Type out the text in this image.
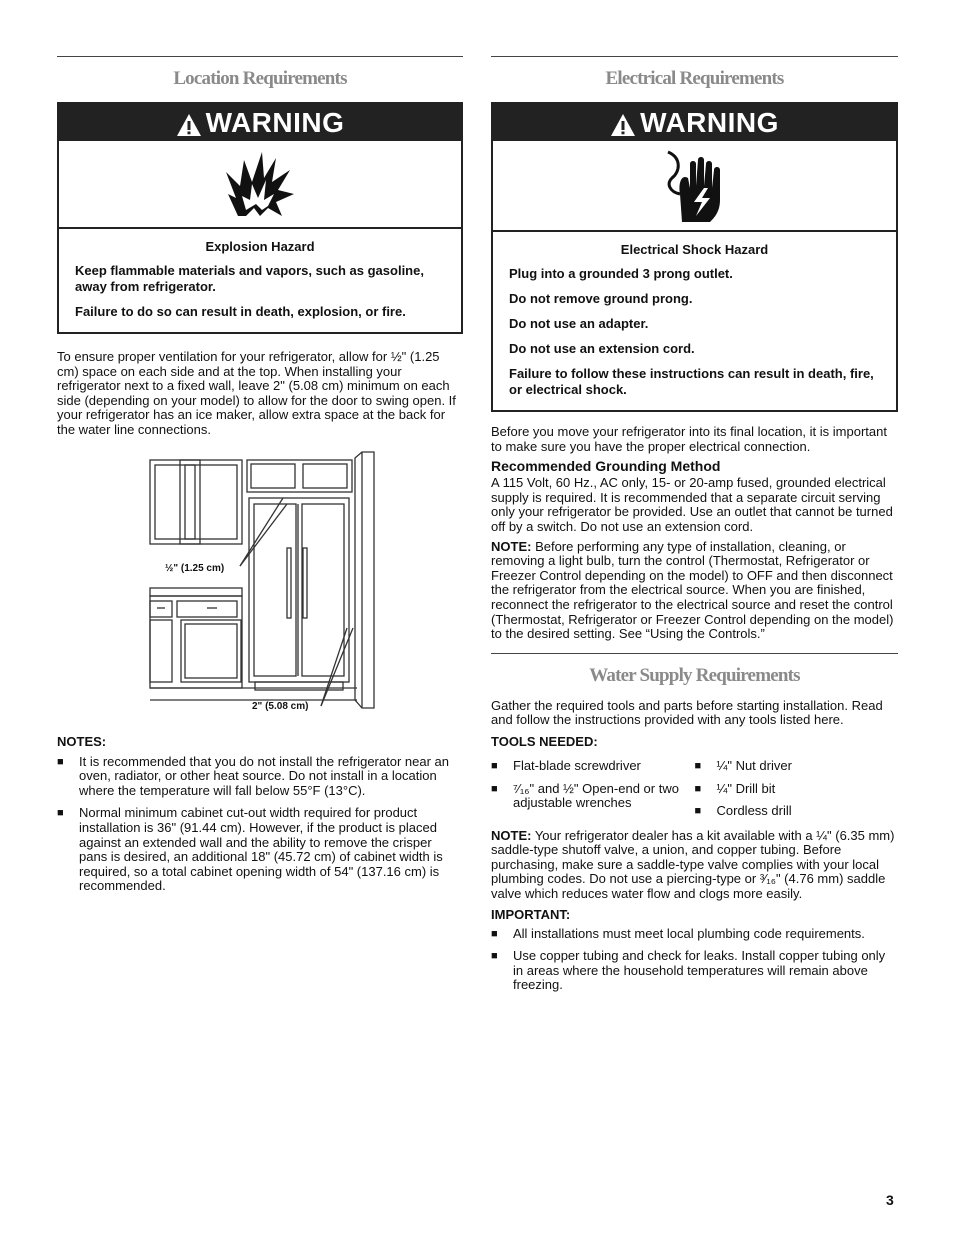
Location Requirements
WARNING
Explosion Hazard

Keep flammable materials and vapors, such as gasoline, away from refrigerator.

Failure to do so can result in death, explosion, or fire.

To ensure proper ventilation for your refrigerator, allow for ½" (1.25 cm) space on each side and at the top. When installing your refrigerator next to a fixed wall, leave 2" (5.08 cm) minimum on each side (depending on your model) to allow for the door to swing open. If your refrigerator has an ice maker, allow extra space at the back for the water line connections.

½" (1.25 cm)
2" (5.08 cm)

NOTES:

■ It is recommended that you do not install the refrigerator near an oven, radiator, or other heat source. Do not install in a location where the temperature will fall below 55°F (13°C).
■ Normal minimum cabinet cut-out width required for product installation is 36" (91.44 cm). However, if the product is placed against an extended wall and the ability to remove the crisper pans is desired, an additional 18" (45.72 cm) of cabinet width is required, so a total cabinet opening width of 54" (137.16 cm) is recommended.
Electrical Requirements
WARNING
Electrical Shock Hazard

Plug into a grounded 3 prong outlet.

Do not remove ground prong.

Do not use an adapter.

Do not use an extension cord.

Failure to follow these instructions can result in death, fire, or electrical shock.

Before you move your refrigerator into its final location, it is important to make sure you have the proper electrical connection.

Recommended Grounding Method

A 115 Volt, 60 Hz., AC only, 15- or 20-amp fused, grounded electrical supply is required. It is recommended that a separate circuit serving only your refrigerator be provided. Use an outlet that cannot be turned off by a switch. Do not use an extension cord.

NOTE: Before performing any type of installation, cleaning, or removing a light bulb, turn the control (Thermostat, Refrigerator or Freezer Control depending on the model) to OFF and then disconnect the refrigerator from the electrical source. When you are finished, reconnect the refrigerator to the electrical source and reset the control (Thermostat, Refrigerator or Freezer Control depending on the model) to the desired setting. See “Using the Controls.”

Water Supply Requirements

Gather the required tools and parts before starting installation. Read and follow the instructions provided with any tools listed here.

TOOLS NEEDED:

■ Flat-blade screwdriver
■ ⁷⁄₁₆" and ½" Open-end or two adjustable wrenches
■ ¼" Nut driver
■ ¼" Drill bit
■ Cordless drill

NOTE: Your refrigerator dealer has a kit available with a ¼" (6.35 mm) saddle-type shutoff valve, a union, and copper tubing. Before purchasing, make sure a saddle-type valve complies with your local plumbing codes. Do not use a piercing-type or ³⁄₁₆" (4.76 mm) saddle valve which reduces water flow and clogs more easily.

IMPORTANT:

■ All installations must meet local plumbing code requirements.
■ Use copper tubing and check for leaks. Install copper tubing only in areas where the household temperatures will remain above freezing.
3
